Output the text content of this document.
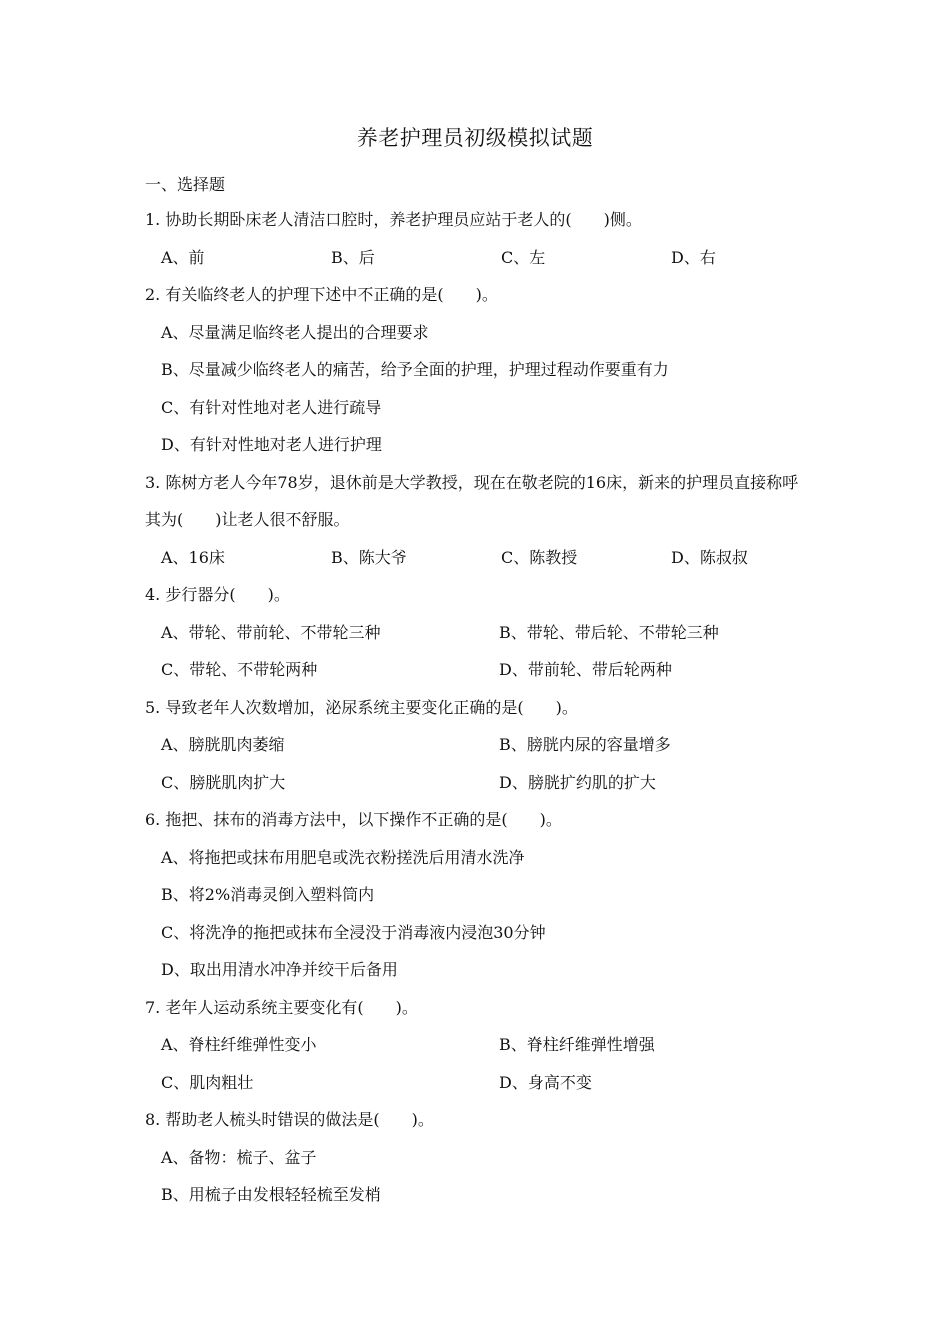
养老护理员初级模拟试题
一、选择题
1. 协助长期卧床老人清洁口腔时，养老护理员应站于老人的(　　)侧。
A、前	B、后	C、左	D、右
2. 有关临终老人的护理下述中不正确的是(　　)。
A、尽量满足临终老人提出的合理要求
B、尽量减少临终老人的痛苦，给予全面的护理，护理过程动作要重有力
C、有针对性地对老人进行疏导
D、有针对性地对老人进行护理
3. 陈树方老人今年78岁，退休前是大学教授，现在在敬老院的16床，新来的护理员直接称呼
其为(　　)让老人很不舒服。
A、16床	B、陈大爷	C、陈教授	D、陈叔叔
4. 步行器分(　　)。
A、带轮、带前轮、不带轮三种	B、带轮、带后轮、不带轮三种
C、带轮、不带轮两种	D、带前轮、带后轮两种
5. 导致老年人次数增加，泌尿系统主要变化正确的是(　　)。
A、膀胱肌肉萎缩	B、膀胱内尿的容量增多
C、膀胱肌肉扩大	D、膀胱扩约肌的扩大
6. 拖把、抹布的消毒方法中，以下操作不正确的是(　　)。
A、将拖把或抹布用肥皂或洗衣粉搓洗后用清水洗净
B、将2%消毒灵倒入塑料筒内
C、将洗净的拖把或抹布全浸没于消毒液内浸泡30分钟
D、取出用清水冲净并绞干后备用
7. 老年人运动系统主要变化有(　　)。
A、脊柱纤维弹性变小	B、脊柱纤维弹性增强
C、肌肉粗壮	D、身高不变
8. 帮助老人梳头时错误的做法是(　　)。
A、备物：梳子、盆子
B、用梳子由发根轻轻梳至发梢
